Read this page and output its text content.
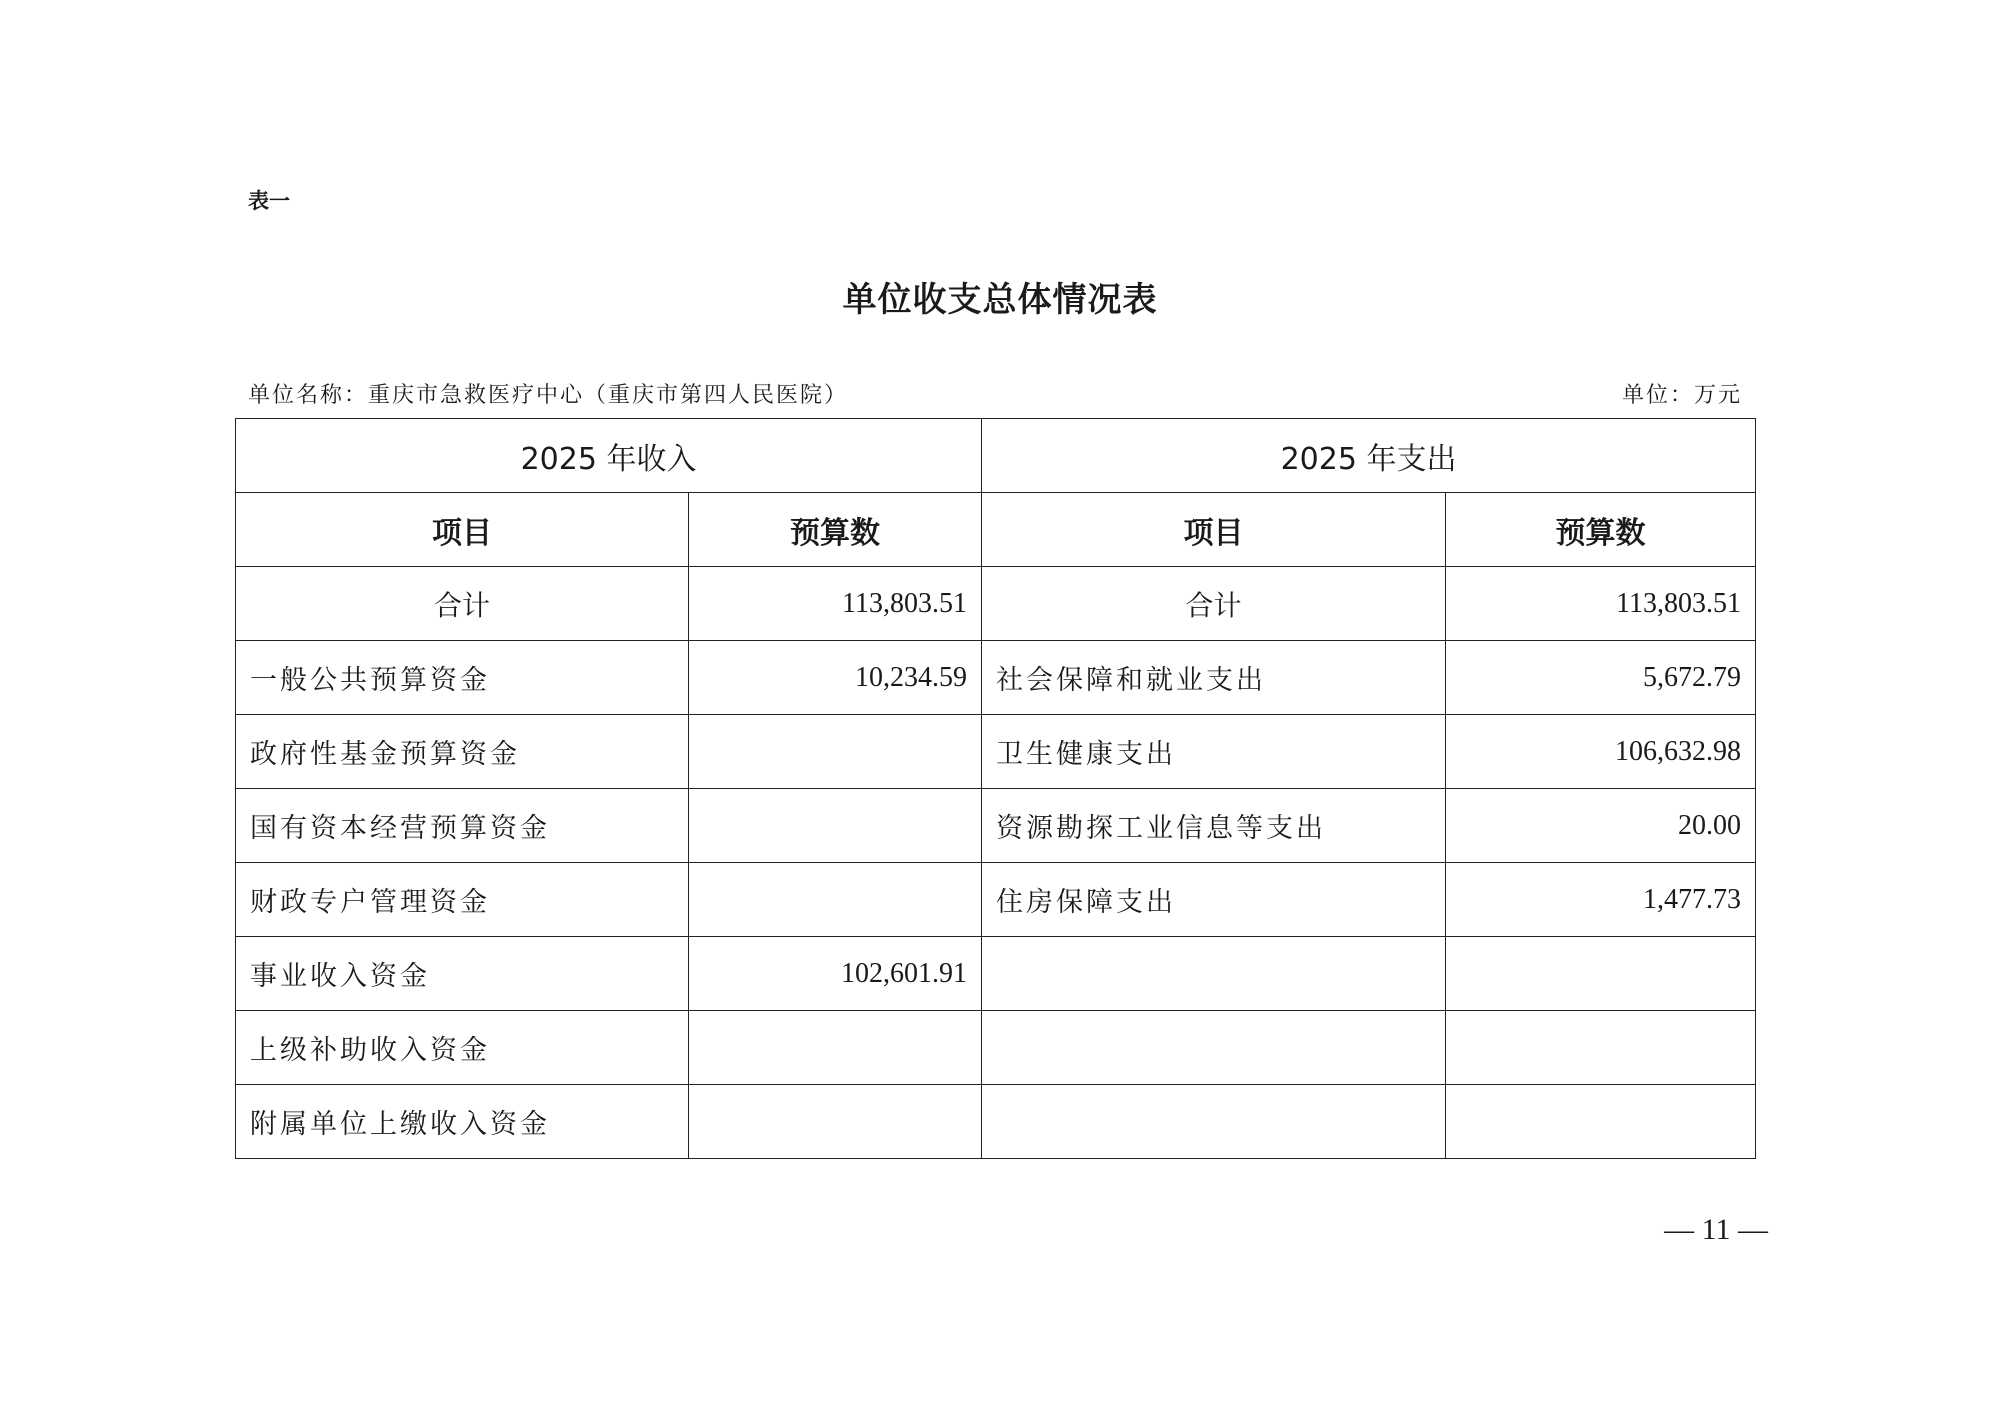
表一
单位收支总体情况表
单位名称：重庆市急救医疗中心（重庆市第四人民医院）	单位：万元
2025 年收入		2025 年支出	
项目	预算数	项目	预算数
合计	113,803.51	合计	113,803.51
一般公共预算资金	10,234.59	社会保障和就业支出	5,672.79
政府性基金预算资金		卫生健康支出	106,632.98
国有资本经营预算资金		资源勘探工业信息等支出	20.00
财政专户管理资金		住房保障支出	1,477.73
事业收入资金	102,601.91		
上级补助收入资金			
附属单位上缴收入资金			
— 11 —
